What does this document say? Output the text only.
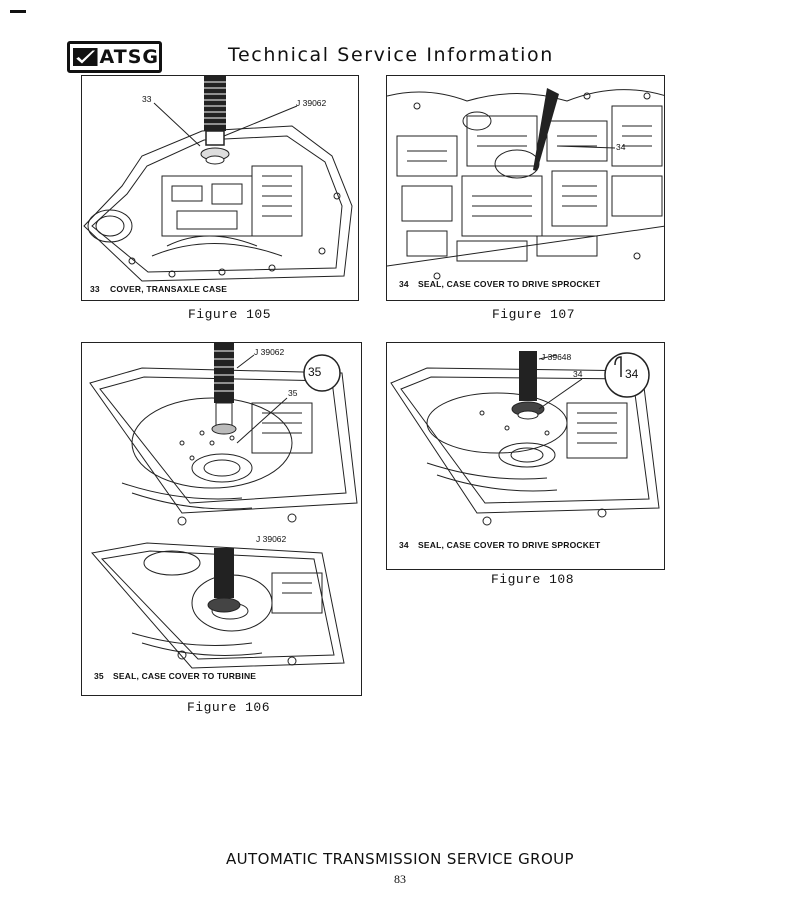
ATSG	Technical Service Information
33	J 39062
33 COVER, TRANSAXLE CASE
Figure 105
34
34 SEAL, CASE COVER TO DRIVE SPROCKET
Figure 107
J 39062
35
35
J 39062
35 SEAL, CASE COVER TO TURBINE
Figure 106
J 39648
34	34
34 SEAL, CASE COVER TO DRIVE SPROCKET
Figure 108
AUTOMATIC TRANSMISSION SERVICE GROUP
83
